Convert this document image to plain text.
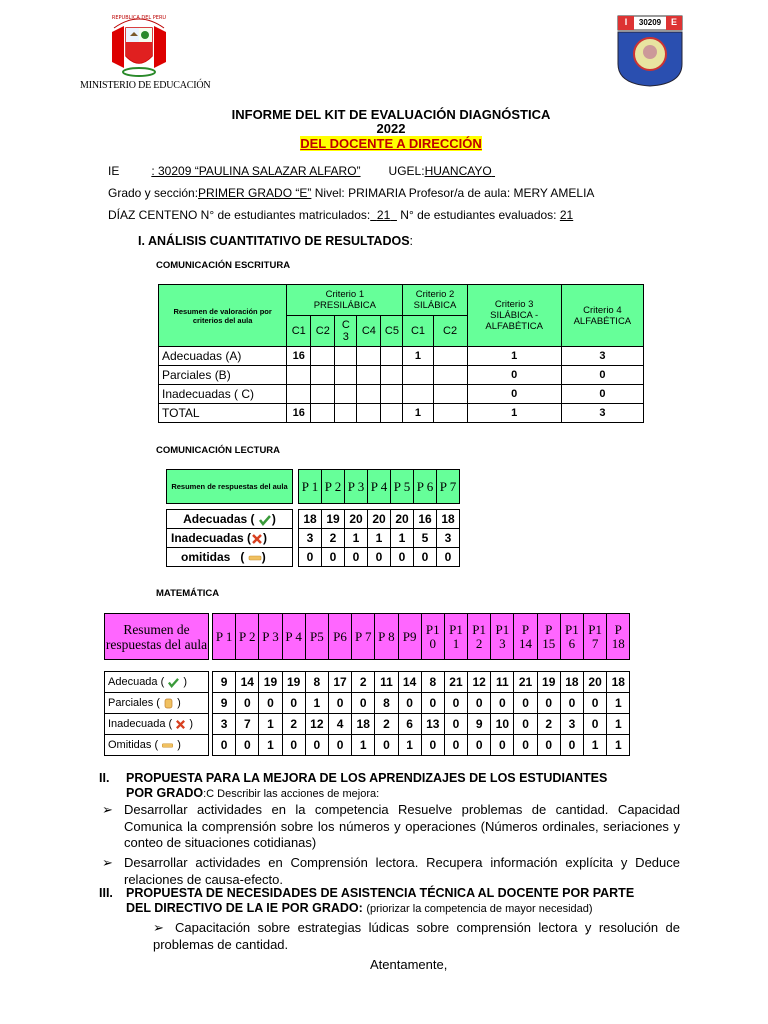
REPUBLICA DEL PERU
MINISTERIO DE EDUCACIÓN
I	30209	E
INFORME DEL KIT DE EVALUACIÓN DIAGNÓSTICA
2022
DEL DOCENTE A DIRECCIÓN
IE	: 30209 “PAULINA SALAZAR ALFARO” UGEL:HUANCAYO
Grado y sección:PRIMER GRADO “E” Nivel: PRIMARIA Profesor/a de aula: MERY AMELIA
DÍAZ CENTENO N° de estudiantes matriculados: 21 N° de estudiantes evaluados: 21
I. ANÁLISIS CUANTITATIVO DE RESULTADOS:
COMUNICACIÓN ESCRITURA
Resumen de valoración por criterios del aula	Criterio 1 PRESILÁBICA					Criterio 2 SILÁBICA		Criterio 3 SILÁBICA - ALFABÉTICA	Criterio 4 ALFABÉTICA
	C1	C2	C 3	C4	C5	C1	C2		
Adecuadas (A)	16					1		1	3
Parciales (B)								0	0
Inadecuadas ( C)								0	0
TOTAL	16					1		1	3
COMUNICACIÓN LECTURA
Resumen de respuestas del aula		P 1	P 2	P 3	P 4	P 5	P 6	P 7

Adecuadas ( )		18	19	20	20	20	16	18
Inadecuadas ( )		3	2	1	1	1	5	3
omitidas   ( )		0	0	0	0	0	0	0
MATEMÁTICA
Resumen de respuestas del aula		P 1	P 2	P 3	P 4	P5	P6	P 7	P 8	P9	P1 0	P1 1	P1 2	P1 3	P 14	P 15	P1 6	P1 7	P 18

Adecuada ( )		9	14	19	19	8	17	2	11	14	8	21	12	11	21	19	18	20	18
Parciales ( )		9	0	0	0	1	0	0	8	0	0	0	0	0	0	0	0	0	1
Inadecuada ( )		3	7	1	2	12	4	18	2	6	13	0	9	10	0	2	3	0	1
Omitidas ( )		0	0	1	0	0	0	1	0	1	0	0	0	0	0	0	0	1	1
II. PROPUESTA PARA LA MEJORA DE LOS APRENDIZAJES DE LOS ESTUDIANTES
POR GRADO:C Describir las acciones de mejora:
➢ Desarrollar actividades en la competencia Resuelve problemas de cantidad. Capacidad Comunica la comprensión sobre los números y operaciones (Números ordinales, seriaciones y conteo de situaciones cotidianas)
➢ Desarrollar actividades en Comprensión lectora. Recupera información explícita y Deduce relaciones de causa-efecto.
III. PROPUESTA DE NECESIDADES DE ASISTENCIA TÉCNICA AL DOCENTE POR PARTE
DEL DIRECTIVO DE LA IE POR GRADO: (priorizar la competencia de mayor necesidad)
➢ Capacitación sobre estrategias lúdicas sobre comprensión lectora y resolución de problemas de cantidad.
Atentamente,
